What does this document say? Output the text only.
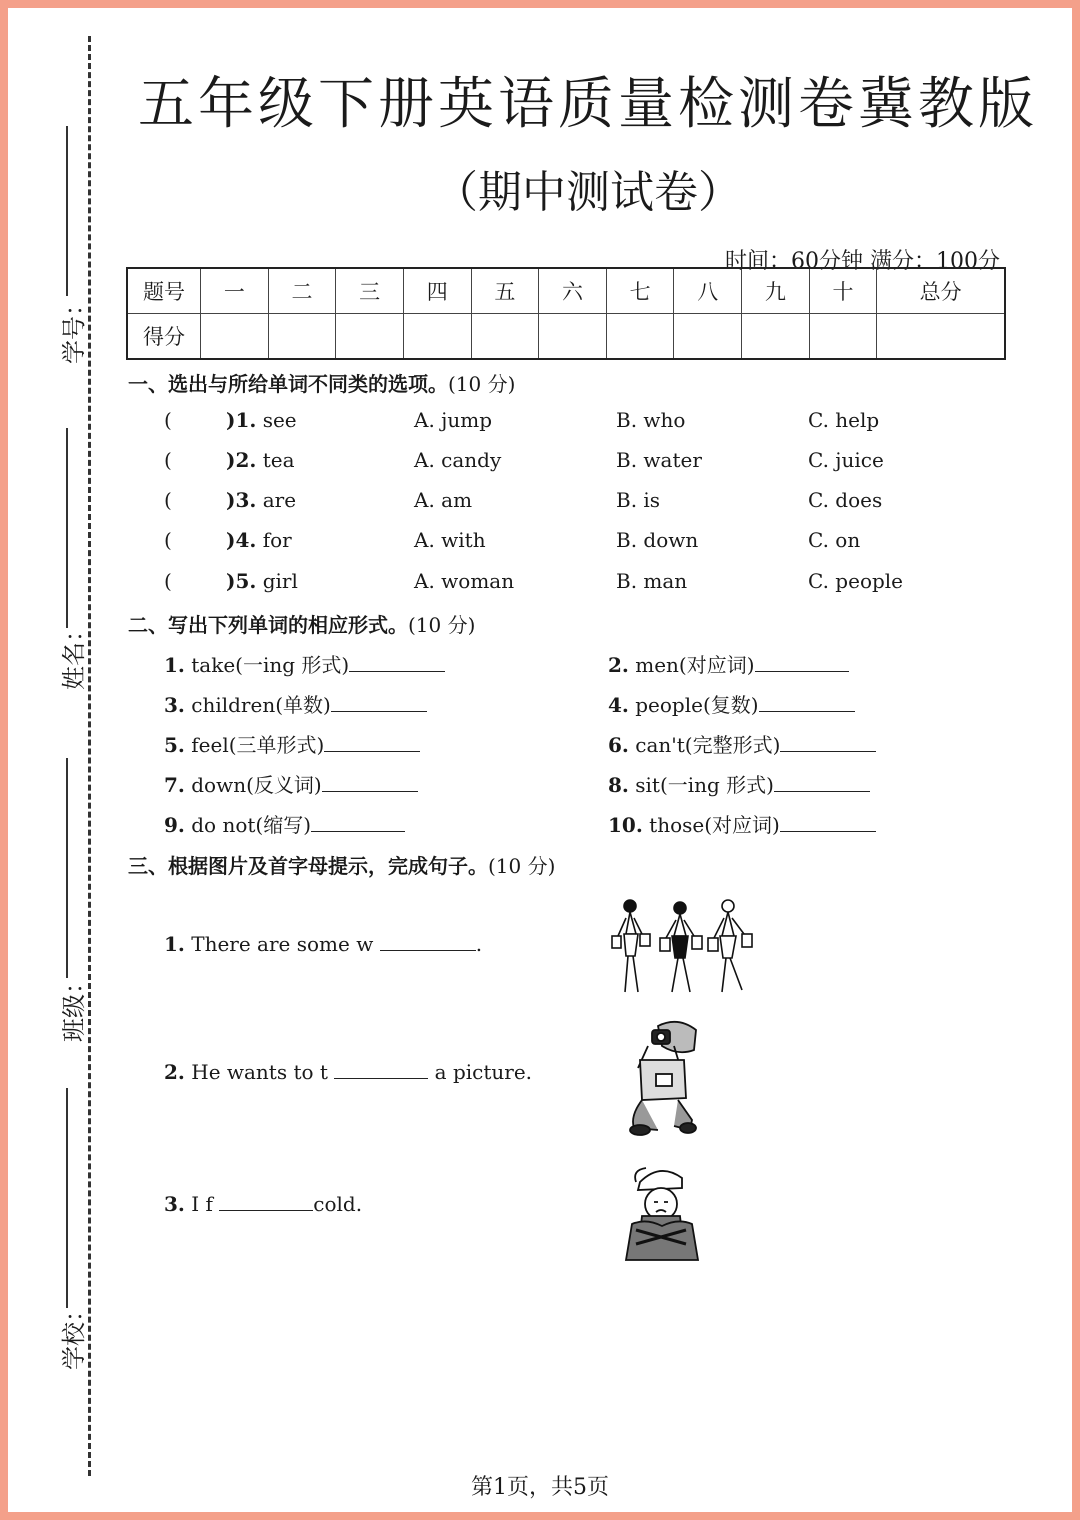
学号：
姓名：
班级：
学校：
五年级下册英语质量检测卷冀教版
（期中测试卷）
时间：60分钟 满分：100分
题号	一	二	三	四	五	六	七	八	九	十	总分
得分											
一、选出与所给单词不同类的选项。(10 分)
(	)1. see	A. jump	B. who	C. help
(	)2. tea	A. candy	B. water	C. juice
(	)3. are	A. am	B. is	C. does
(	)4. for	A. with	B. down	C. on
(	)5. girl	A. woman	B. man	C. people
二、写出下列单词的相应形式。(10 分)
1. take(一ing 形式)	2. men(对应词)
3. children(单数)	4. people(复数)
5. feel(三单形式)	6. can't(完整形式)
7. down(反义词)	8. sit(一ing 形式)
9. do not(缩写)	10. those(对应词)
三、根据图片及首字母提示，完成句子。(10 分)
1. There are some w	.
2. He wants to t	a picture.
3. I f	cold.
第1页，共5页
